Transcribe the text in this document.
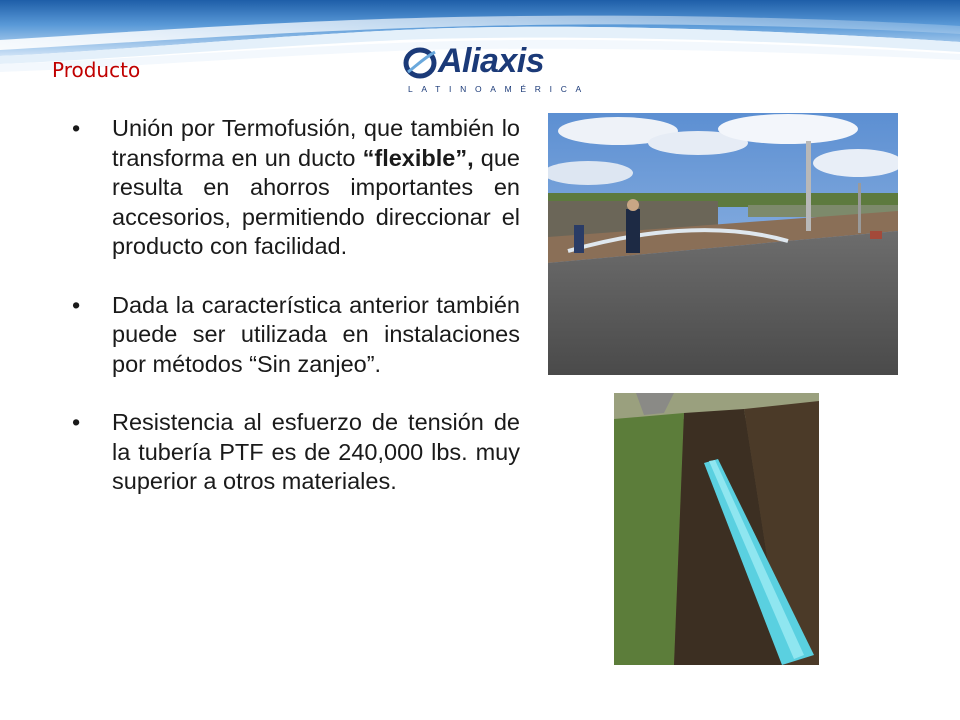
Producto	Aliaxis
LATINOAMÉRICA
• Unión por Termofusión, que también lo transforma en un ducto “flexible”, que resulta en ahorros importantes en accesorios, permitiendo direccionar el producto con facilidad.
• Dada la característica anterior también puede ser utilizada en instalaciones por métodos “Sin zanjeo”.
• Resistencia al esfuerzo de tensión de la tubería PTF es de 240,000 lbs. muy superior a otros materiales.
